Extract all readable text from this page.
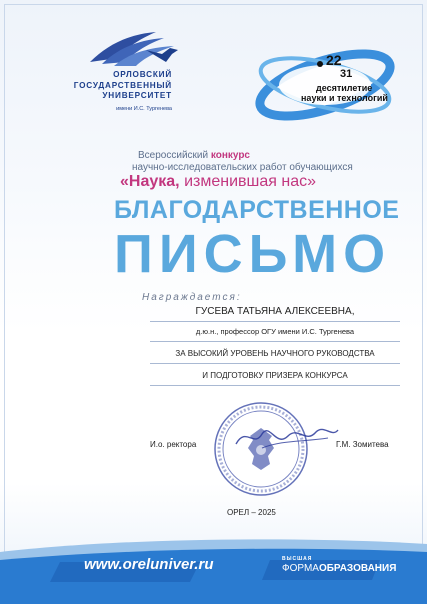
ОРЛОВСКИЙ
ГОСУДАРСТВЕННЫЙ
УНИВЕРСИТЕТ
имени И.С. Тургенева
22
31
десятилетие
науки и технологий
Всероссийский конкурс
научно-исследовательских работ обучающихся
«Наука, изменившая нас»
БЛАГОДАРСТВЕННОЕ
ПИСЬМО
Награждается:
ГУСЕВА ТАТЬЯНА АЛЕКСЕЕВНА,
д.ю.н., профессор ОГУ имени И.С. Тургенева
ЗА ВЫСОКИЙ УРОВЕНЬ НАУЧНОГО РУКОВОДСТВА
И ПОДГОТОВКУ ПРИЗЕРА КОНКУРСА
И.о. ректора	Г.М. Зомитева
ОРЕЛ – 2025
www.oreluniver.ru	ВЫСШАЯ
ФОРМАОБРАЗОВАНИЯ
